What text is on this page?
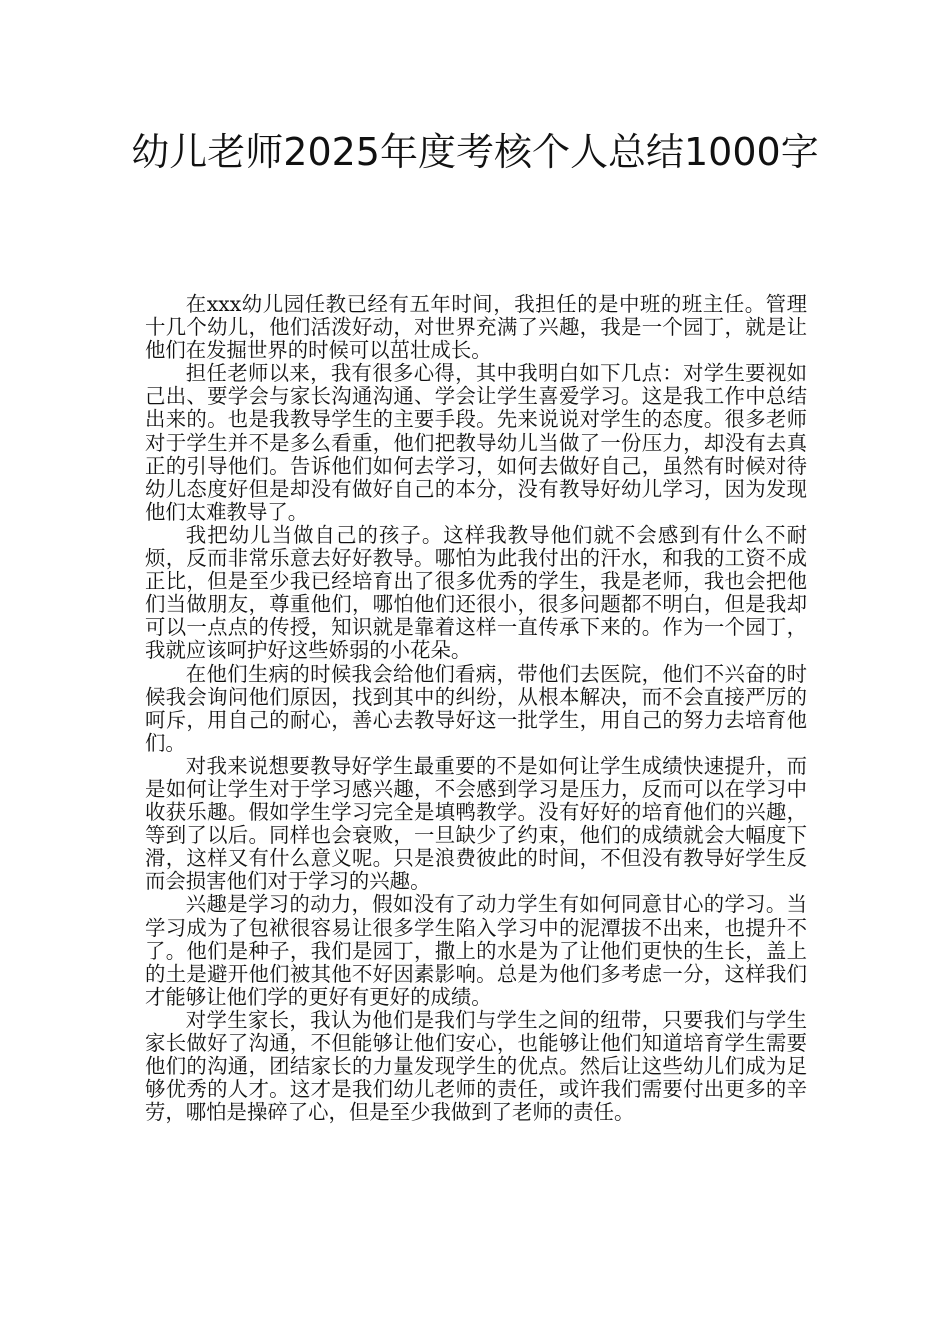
幼儿老师2025年度考核个人总结1000字

在xxx幼儿园任教已经有五年时间，我担任的是中班的班主任。管理十几个幼儿，他们活泼好动，对世界充满了兴趣，我是一个园丁，就是让他们在发掘世界的时候可以茁壮成长。

担任老师以来，我有很多心得，其中我明白如下几点：对学生要视如己出、要学会与家长沟通沟通、学会让学生喜爱学习。这是我工作中总结出来的。也是我教导学生的主要手段。先来说说对学生的态度。很多老师对于学生并不是多么看重，他们把教导幼儿当做了一份压力，却没有去真正的引导他们。告诉他们如何去学习，如何去做好自己，虽然有时候对待幼儿态度好但是却没有做好自己的本分，没有教导好幼儿学习，因为发现他们太难教导了。

我把幼儿当做自己的孩子。这样我教导他们就不会感到有什么不耐烦，反而非常乐意去好好教导。哪怕为此我付出的汗水，和我的工资不成正比，但是至少我已经培育出了很多优秀的学生，我是老师，我也会把他们当做朋友，尊重他们，哪怕他们还很小，很多问题都不明白，但是我却可以一点点的传授，知识就是靠着这样一直传承下来的。作为一个园丁，我就应该呵护好这些娇弱的小花朵。

在他们生病的时候我会给他们看病，带他们去医院，他们不兴奋的时候我会询问他们原因，找到其中的纠纷，从根本解决，而不会直接严厉的呵斥，用自己的耐心，善心去教导好这一批学生，用自己的努力去培育他们。

对我来说想要教导好学生最重要的不是如何让学生成绩快速提升，而是如何让学生对于学习感兴趣，不会感到学习是压力，反而可以在学习中收获乐趣。假如学生学习完全是填鸭教学。没有好好的培育他们的兴趣，等到了以后。同样也会衰败，一旦缺少了约束，他们的成绩就会大幅度下滑，这样又有什么意义呢。只是浪费彼此的时间，不但没有教导好学生反而会损害他们对于学习的兴趣。

兴趣是学习的动力，假如没有了动力学生有如何同意甘心的学习。当学习成为了包袱很容易让很多学生陷入学习中的泥潭拔不出来，也提升不了。他们是种子，我们是园丁，撒上的水是为了让他们更快的生长，盖上的土是避开他们被其他不好因素影响。总是为他们多考虑一分，这样我们才能够让他们学的更好有更好的成绩。

对学生家长，我认为他们是我们与学生之间的纽带，只要我们与学生家长做好了沟通，不但能够让他们安心，也能够让他们知道培育学生需要他们的沟通，团结家长的力量发现学生的优点。然后让这些幼儿们成为足够优秀的人才。这才是我们幼儿老师的责任，或许我们需要付出更多的辛劳，哪怕是操碎了心，但是至少我做到了老师的责任。
